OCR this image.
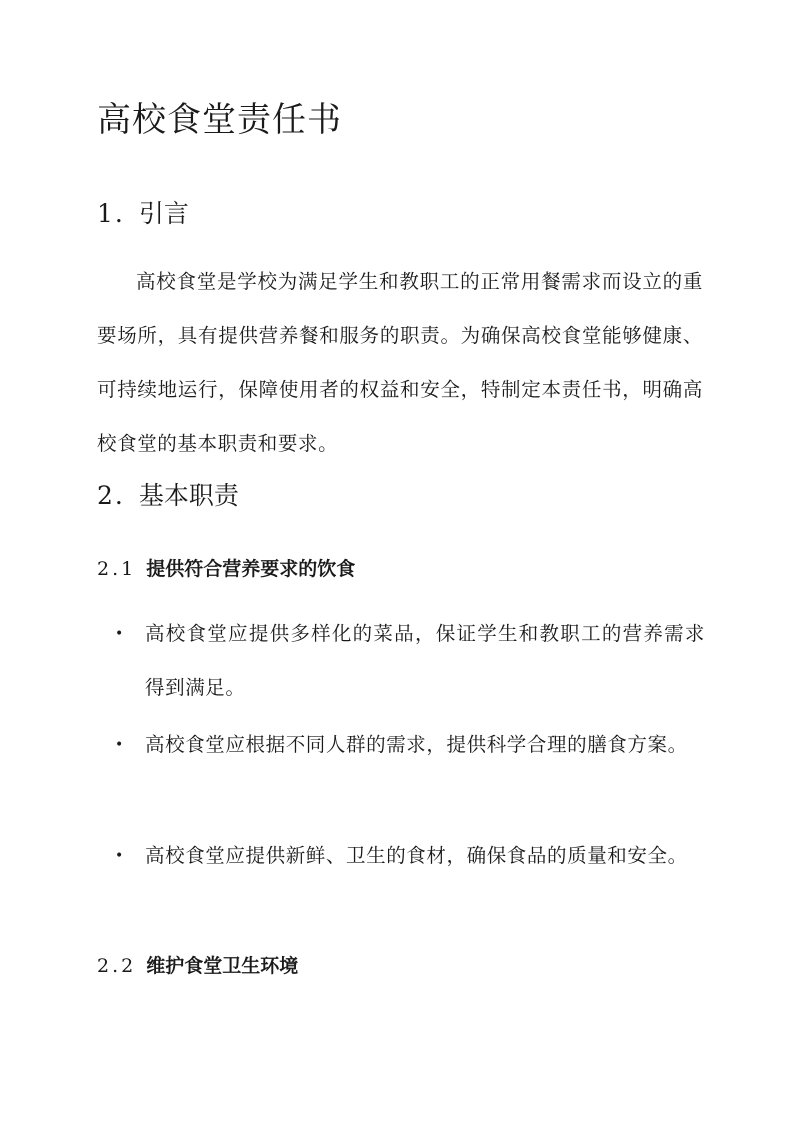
高校食堂责任书
1. 引言

高校食堂是学校为满足学生和教职工的正常用餐需求而设立的重要场所，具有提供营养餐和服务的职责。为确保高校食堂能够健康、可持续地运行，保障使用者的权益和安全，特制定本责任书，明确高校食堂的基本职责和要求。

2. 基本职责
2.1 提供符合营养要求的饮食
•	高校食堂应提供多样化的菜品，保证学生和教职工的营养需求得到满足。
•	高校食堂应根据不同人群的需求，提供科学合理的膳食方案。
•	高校食堂应提供新鲜、卫生的食材，确保食品的质量和安全。
2.2 维护食堂卫生环境
